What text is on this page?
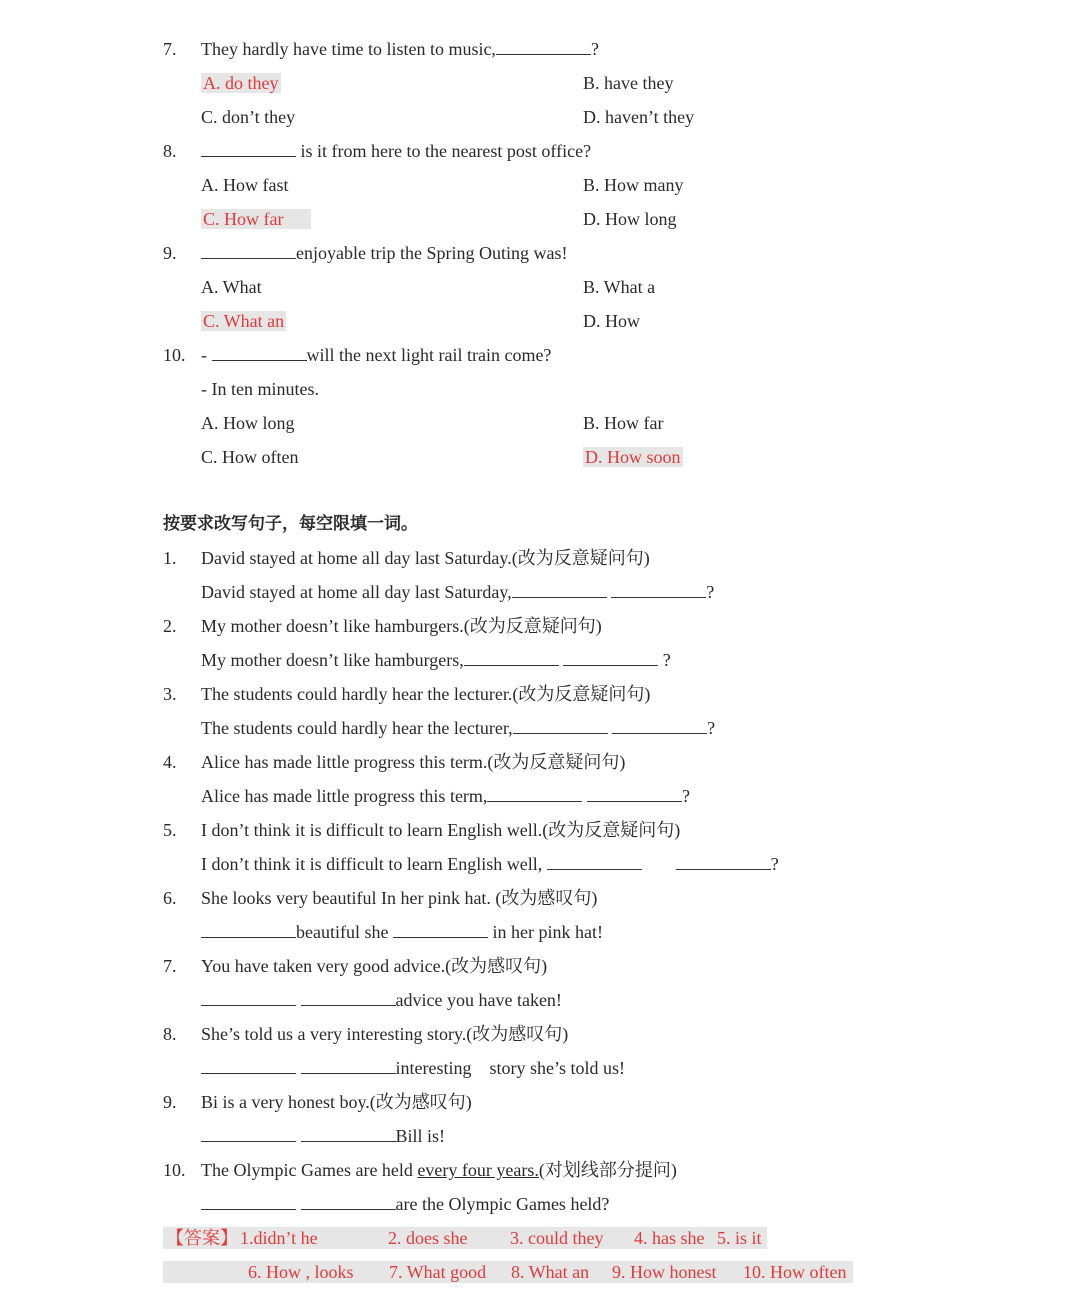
7. They hardly have time to listen to music,	?
A. do they	B. have they
C. don’t they	D. haven’t they
8.	is it from here to the nearest post office?
A. How fast	B. How many
C. How far	D. How long
9.	enjoyable trip the Spring Outing was!
A. What	B. What a
C. What an	D. How
10. -	will the next light rail train come?
- In ten minutes.
A. How long	B. How far
C. How often	D. How soon
按要求改写句子，每空限填一词。
1. David stayed at home all day last Saturday.(改为反意疑问句)
David stayed at home all day last Saturday,	?
2. My mother doesn’t like hamburgers.(改为反意疑问句)
My mother doesn’t like hamburgers,	?
3. The students could hardly hear the lecturer.(改为反意疑问句)
The students could hardly hear the lecturer,	?
4. Alice has made little progress this term.(改为反意疑问句)
Alice has made little progress this term,	?
5. I don’t think it is difficult to learn English well.(改为反意疑问句)
I don’t think it is difficult to learn English well,	?
6. She looks very beautiful In her pink hat. (改为感叹句)
beautiful she	in her pink hat!
7. You have taken very good advice.(改为感叹句)
advice you have taken!
8. She’s told us a very interesting story.(改为感叹句)
interesting    story she’s told us!
9. Bi is a very honest boy.(改为感叹句)
Bill is!
10. The Olympic Games are held every four years.(对划线部分提问)
are the Olympic Games held?
【答案】 1.didn’t he	2. does she 3. could they 4. has she 5. is it
6. How , looks 7. What good 8. What an 9. How honest 10. How often
